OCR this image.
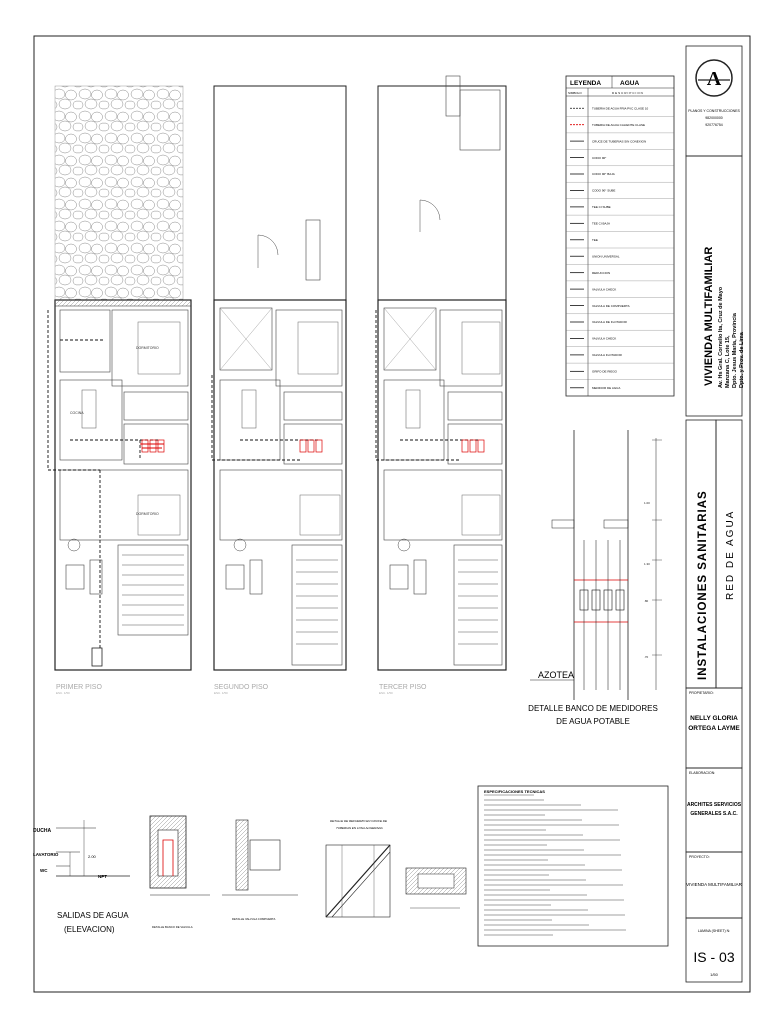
DORMITORIO
DORMITORIO
COCINA
PRIMER PISO
ESC. 1/50
SEGUNDO PISO
ESC. 1/50
TERCER PISO
ESC. 1/50
LEYENDA	AGUA
SIMBOLO	DESCRIPCION
TUBERIA DE AGUA FRIA PVC CLASE 10
TUBERIA DE AGUA CALIENTE CLASE
CRUCE DE TUBERIAS SIN CONEXION
CODO 90°
CODO 90° BAJA
CODO 90° SUBE
TEE CI SUBE
TEE CI BAJA
TEE
UNION UNIVERSAL
REDUCCION
VALVULA CHECK
VALVULA DE COMPUERTA
VALVULA DE FLOTADOR
VALVULA CHECK
VALVULA FLOTADOR
GRIFO DE RIEGO
MEDIDOR DE AGUA
A
PLANOS Y CONSTRUCCIONES
982000000
920776754
VIVIENDA MULTIFAMILIAR Av. Hs Gral. Cornelio Ita, Cruz de Mayo Manzana C, Lote 15, Dpto. Jesus María, Provincia Dpto. y Prov. de Lima
INSTALACIONES SANITARIAS RED DE AGUA
PROPIETARIO:
NELLY GLORIA
ORTEGA LAYME
ELABORACION:
ARCHITES SERVICIOS
GENERALES S.A.C.
PROYECTO:
VIVIENDA MULTIFAMILIAR
LAMINA (SHEET) N:
IS - 03
1/50
1.00
1.30
.80
.70
AZOTEA
DETALLE BANCO DE MEDIDORES
DE AGUA POTABLE
ESPECIFICACIONES TECNICAS
DUCHA
LAVATORIO
WC
NPT
2.00
SALIDAS DE AGUA
(ELEVACION)	DETALLE BANCO DE VALVULA
DETALLE VALVULA COMPUERTA
DETALLE DE REFUERZO EN CRUCE DE
TUBERIAS EN LOSA ALIGERADA
